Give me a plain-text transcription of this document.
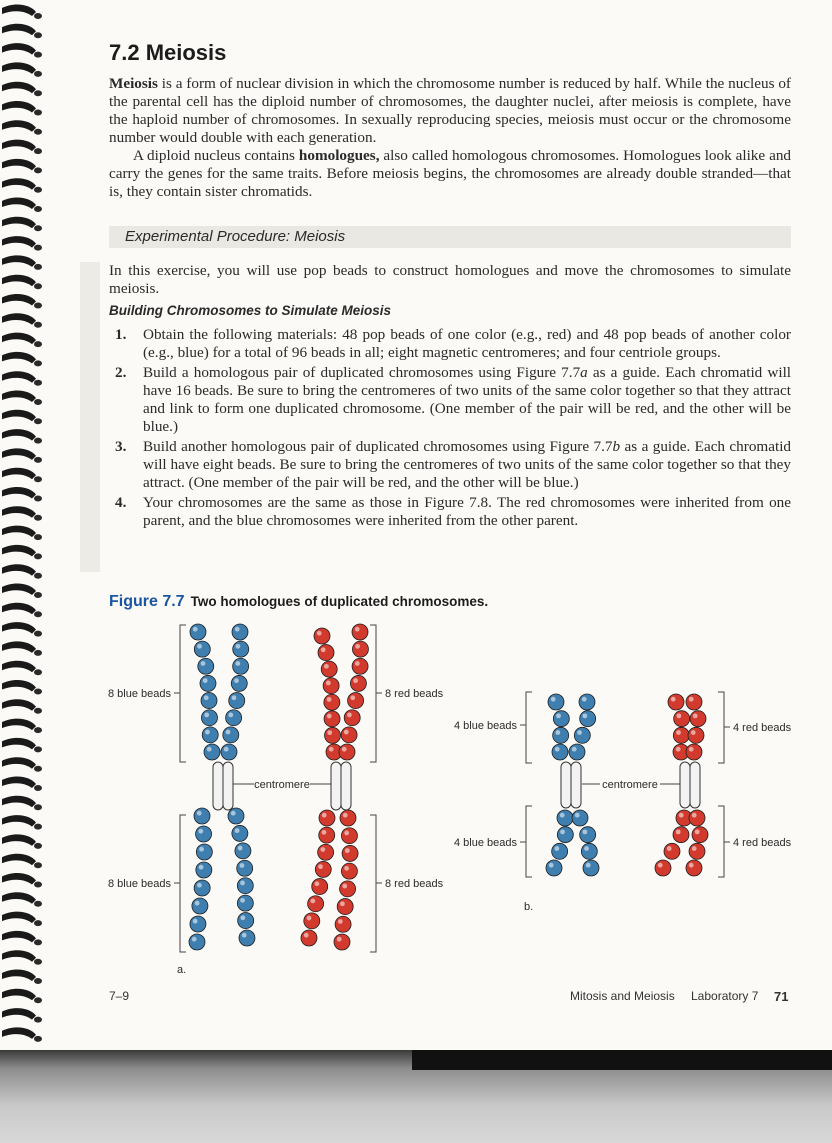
7.2 Meiosis

Meiosis is a form of nuclear division in which the chromosome number is reduced by half. While the nucleus of the parental cell has the diploid number of chromosomes, the daughter nuclei, after meiosis is complete, have the haploid number of chromosomes. In sexually reproducing species, meiosis must occur or the chromosome number would double with each generation.

A diploid nucleus contains homologues, also called homologous chromosomes. Homologues look alike and carry the genes for the same traits. Before meiosis begins, the chromosomes are already double stranded—that is, they contain sister chromatids.

Experimental Procedure: Meiosis

In this exercise, you will use pop beads to construct homologues and move the chromosomes to simulate meiosis.

Building Chromosomes to Simulate Meiosis
1. Obtain the following materials: 48 pop beads of one color (e.g., red) and 48 pop beads of another color (e.g., blue) for a total of 96 beads in all; eight magnetic centromeres; and four centriole groups.
2. Build a homologous pair of duplicated chromosomes using Figure 7.7a as a guide. Each chromatid will have 16 beads. Be sure to bring the centromeres of two units of the same color together so that they attract and link to form one duplicated chromosome. (One member of the pair will be red, and the other will be blue.)
3. Build another homologous pair of duplicated chromosomes using Figure 7.7b as a guide. Each chromatid will have eight beads. Be sure to bring the centromeres of two units of the same color together so that they attract. (One member of the pair will be red, and the other will be blue.)
4. Your chromosomes are the same as those in Figure 7.8. The red chromosomes were inherited from one parent, and the blue chromosomes were inherited from the other parent.
Figure 7.7 Two homologues of duplicated chromosomes.
8 blue beads
8 blue beads
8 red beads
8 red beads
centromere
a.
4 blue beads
4 blue beads
4 red beads
4 red beads
centromere
b.
7–9	Mitosis and Meiosis Laboratory 7 71
